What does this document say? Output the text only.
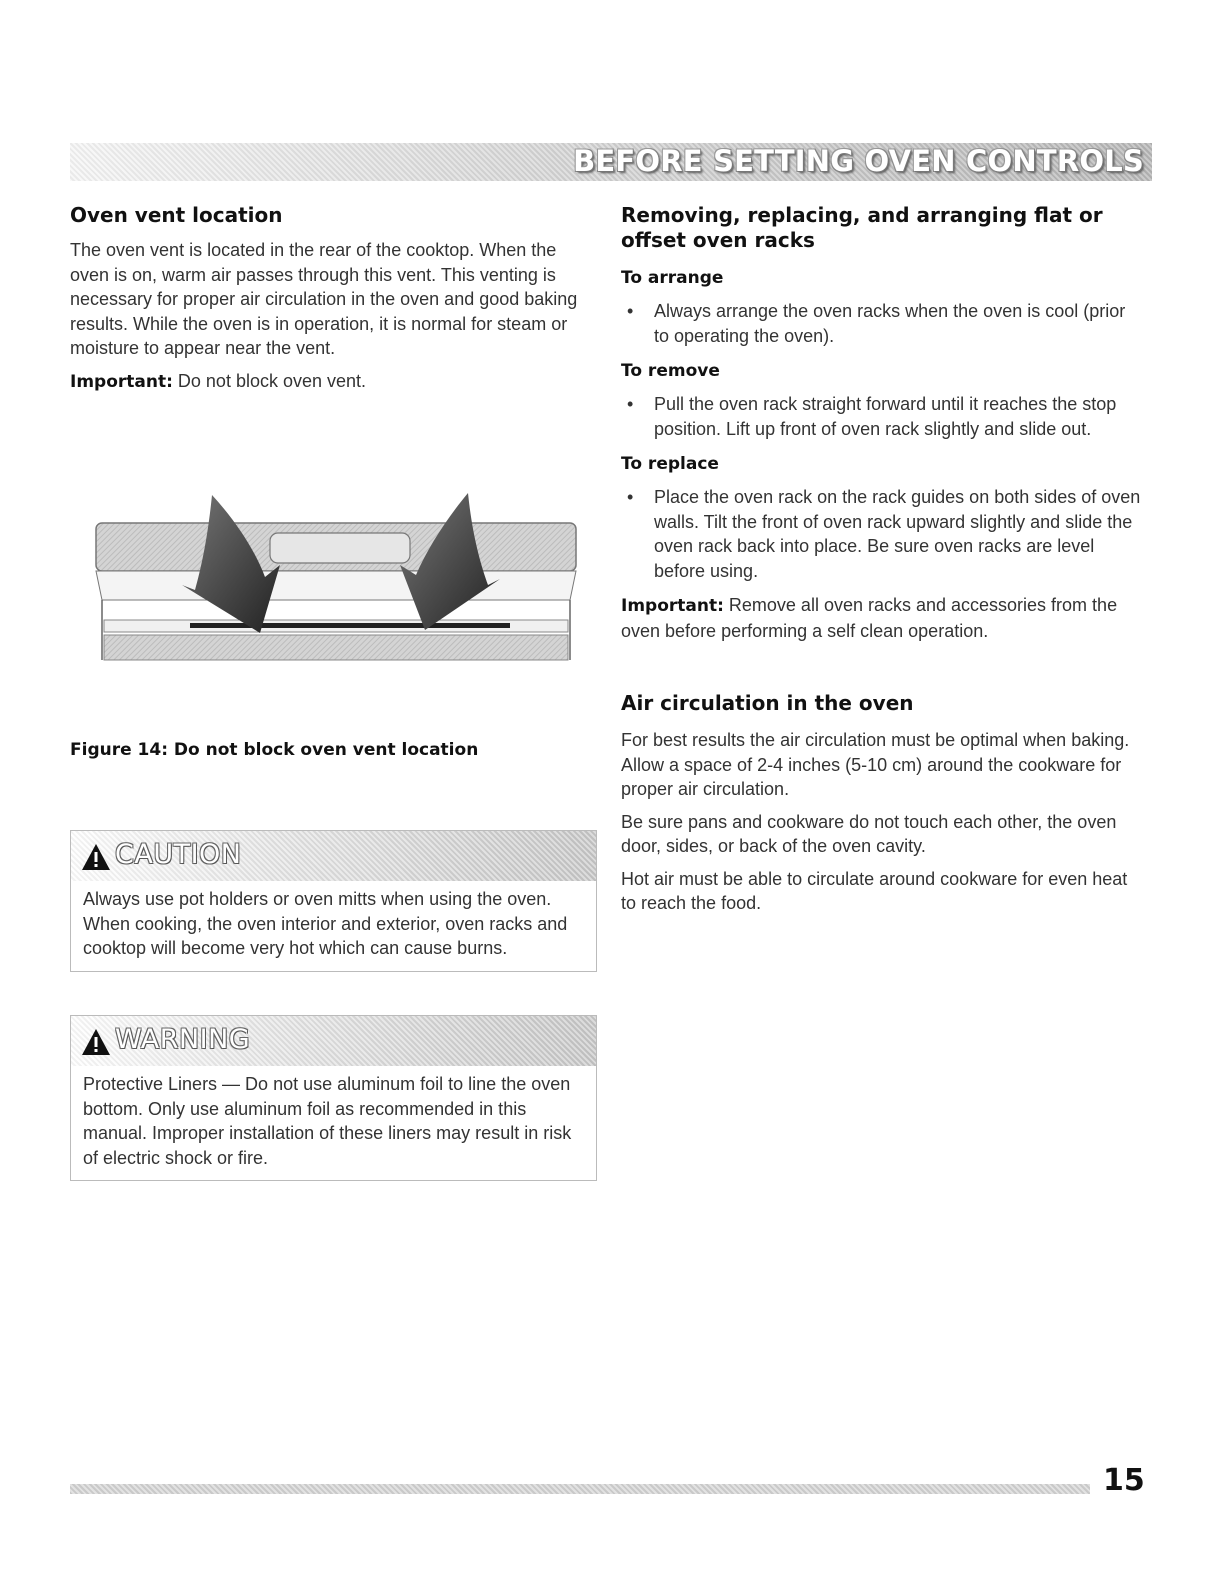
BEFORE SETTING OVEN CONTROLS
Oven vent location

The oven vent is located in the rear of the cooktop. When the oven is on, warm air passes through this vent. This venting is necessary for proper air circulation in the oven and good baking results. While the oven is in operation, it is normal for steam or moisture to appear near the vent.

Important: Do not block oven vent.

Figure 14: Do not block oven vent location
CAUTION
Always use pot holders or oven mitts when using the oven. When cooking, the oven interior and exterior, oven racks and cooktop will become very hot which can cause burns.
WARNING
Protective Liners — Do not use aluminum foil to line the oven bottom. Only use aluminum foil as recommended in this manual. Improper installation of these liners may result in risk of electric shock or fire.
Removing, replacing, and arranging flat or offset oven racks
To arrange
• Always arrange the oven racks when the oven is cool (prior to operating the oven).
To remove
• Pull the oven rack straight forward until it reaches the stop position. Lift up front of oven rack slightly and slide out.
To replace
• Place the oven rack on the rack guides on both sides of oven walls. Tilt the front of oven rack upward slightly and slide the oven rack back into place. Be sure oven racks are level before using.

Important: Remove all oven racks and accessories from the oven before performing a self clean operation.

Air circulation in the oven

For best results the air circulation must be optimal when baking. Allow a space of 2-4 inches (5-10 cm) around the cookware for proper air circulation.

Be sure pans and cookware do not touch each other, the oven door, sides, or back of the oven cavity.

Hot air must be able to circulate around cookware for even heat to reach the food.

15
